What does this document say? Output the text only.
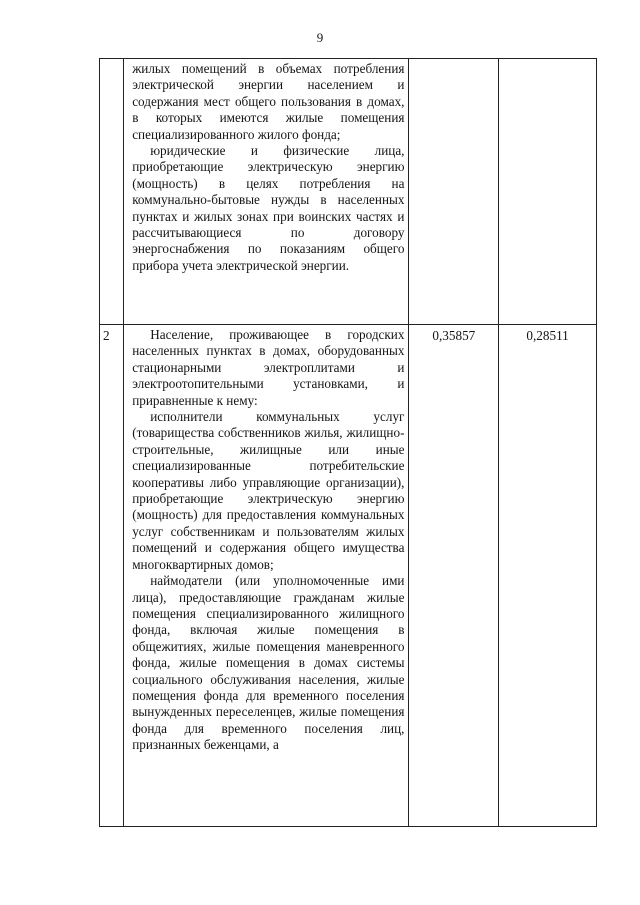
9

	жилых помещений в объемах потребления электрической энергии населением и содержания мест общего пользования в домах, в которых имеются жилые помещения специализированного жилого фонда;

юридические и физические лица, приобретающие электрическую энергию (мощность) в целях потребления на коммунально-бытовые нужды в населенных пунктах и жилых зонах при воинских частях и рассчитывающиеся по договору энергоснабжения по показаниям общего прибора учета электрической энергии.		

2	Население, проживающее в городских населенных пунктах в домах, оборудованных стационарными электроплитами и электроотопительными установками, и приравненные к нему:

исполнители коммунальных услуг (товарищества собственников жилья, жилищно-строительные, жилищные или иные специализированные потребительские кооперативы либо управляющие организации), приобретающие электрическую энергию (мощность) для предоставления коммунальных услуг собственникам и пользователям жилых помещений и содержания общего имущества многоквартирных домов;

наймодатели (или уполномоченные ими лица), предоставляющие гражданам жилые помещения специализированного жилищного фонда, включая жилые помещения в общежитиях, жилые помещения маневренного фонда, жилые помещения в домах системы социального обслуживания населения, жилые помещения фонда для временного поселения вынужденных переселенцев, жилые помещения фонда для временного поселения лиц, признанных беженцами, а	0,35857	0,28511
